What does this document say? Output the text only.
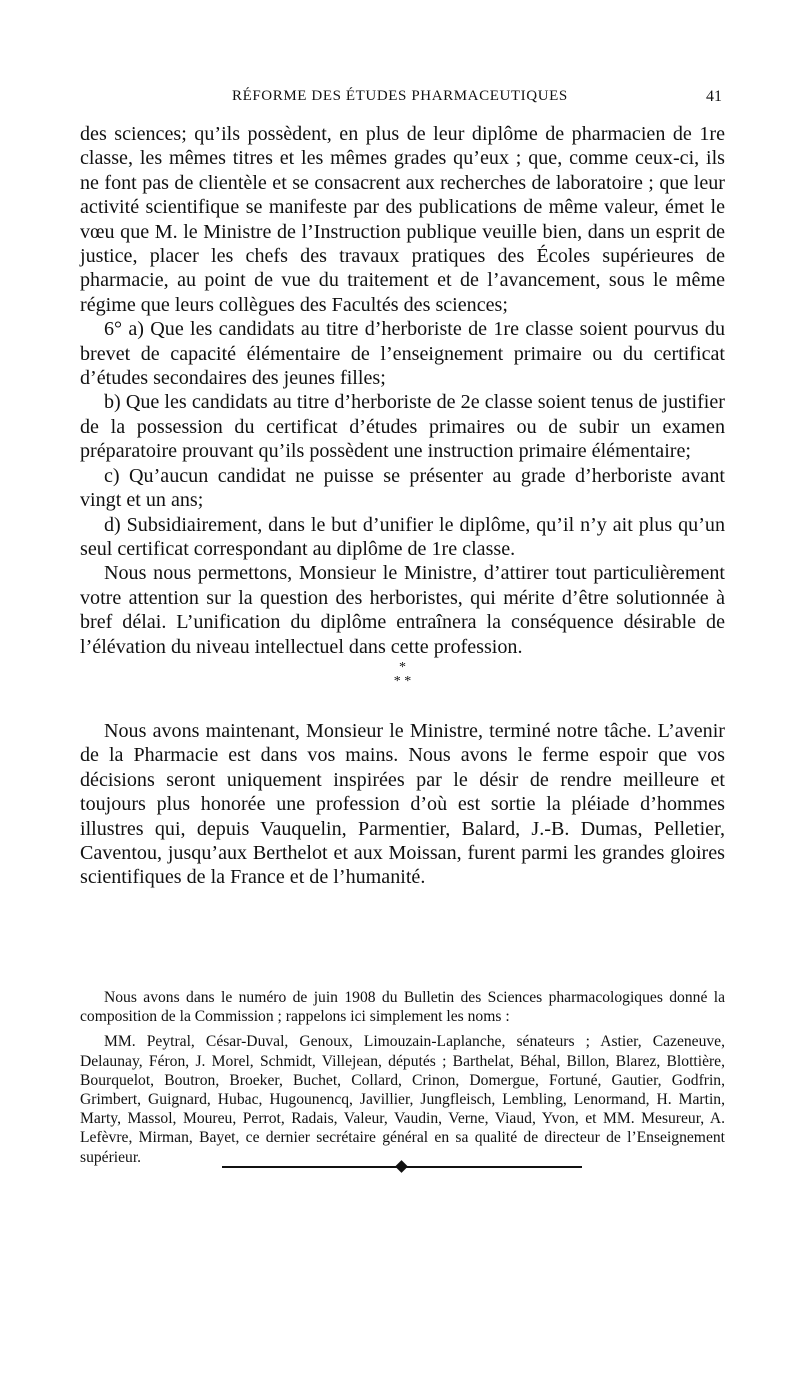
RÉFORME DES ÉTUDES PHARMACEUTIQUES	41

des sciences; qu’ils possèdent, en plus de leur diplôme de pharmacien de 1re classe, les mêmes titres et les mêmes grades qu’eux ; que, comme ceux-ci, ils ne font pas de clientèle et se consacrent aux recherches de laboratoire ; que leur activité scientifique se manifeste par des publications de même valeur, émet le vœu que M. le Ministre de l’Instruction publique veuille bien, dans un esprit de justice, placer les chefs des travaux pratiques des Écoles supérieures de pharmacie, au point de vue du traitement et de l’avancement, sous le même régime que leurs collègues des Facultés des sciences;

6° a) Que les candidats au titre d’herboriste de 1re classe soient pourvus du brevet de capacité élémentaire de l’enseignement primaire ou du certificat d’études secondaires des jeunes filles;

b) Que les candidats au titre d’herboriste de 2e classe soient tenus de justifier de la possession du certificat d’études primaires ou de subir un examen préparatoire prouvant qu’ils possèdent une instruction primaire élémentaire;

c) Qu’aucun candidat ne puisse se présenter au grade d’herboriste avant vingt et un ans;

d) Subsidiairement, dans le but d’unifier le diplôme, qu’il n’y ait plus qu’un seul certificat correspondant au diplôme de 1re classe.

Nous nous permettons, Monsieur le Ministre, d’attirer tout particulièrement votre attention sur la question des herboristes, qui mérite d’être solutionnée à bref délai. L’unification du diplôme entraînera la conséquence désirable de l’élévation du niveau intellectuel dans cette profession.

*
* *

Nous avons maintenant, Monsieur le Ministre, terminé notre tâche. L’avenir de la Pharmacie est dans vos mains. Nous avons le ferme espoir que vos décisions seront uniquement inspirées par le désir de rendre meilleure et toujours plus honorée une profession d’où est sortie la pléiade d’hommes illustres qui, depuis Vauquelin, Parmentier, Balard, J.-B. Dumas, Pelletier, Caventou, jusqu’aux Berthelot et aux Moissan, furent parmi les grandes gloires scientifiques de la France et de l’humanité.

Nous avons dans le numéro de juin 1908 du Bulletin des Sciences pharmacologiques donné la composition de la Commission ; rappelons ici simplement les noms :

MM. Peytral, César-Duval, Genoux, Limouzain-Laplanche, sénateurs ; Astier, Cazeneuve, Delaunay, Féron, J. Morel, Schmidt, Villejean, députés ; Barthelat, Béhal, Billon, Blarez, Blottière, Bourquelot, Boutron, Broeker, Buchet, Collard, Crinon, Domergue, Fortuné, Gautier, Godfrin, Grimbert, Guignard, Hubac, Hugounencq, Javillier, Jungfleisch, Lembling, Lenormand, H. Martin, Marty, Massol, Moureu, Perrot, Radais, Valeur, Vaudin, Verne, Viaud, Yvon, et MM. Mesureur, A. Lefèvre, Mirman, Bayet, ce dernier secrétaire général en sa qualité de directeur de l’Enseignement supérieur.
